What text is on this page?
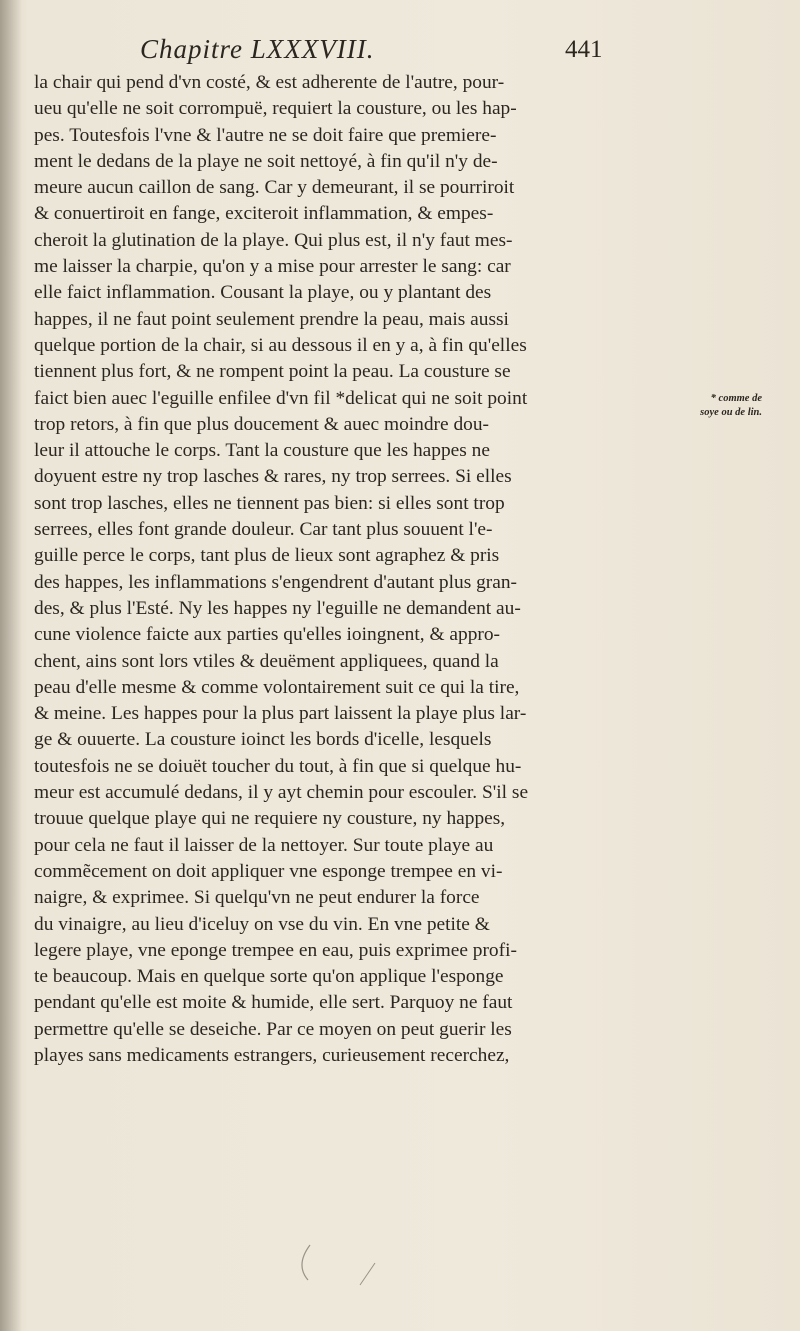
Chapitre LXXXVIII.	441
la chair qui pend d'vn costé, & est adherente de l'autre, pour-
ueu qu'elle ne soit corrompuë, requiert la cousture, ou les hap-
pes. Toutesfois l'vne & l'autre ne se doit faire que premiere-
ment le dedans de la playe ne soit nettoyé, à fin qu'il n'y de-
meure aucun caillon de sang. Car y demeurant, il se pourriroit
& conuertiroit en fange, exciteroit inflammation, & empes-
cheroit la glutination de la playe. Qui plus est, il n'y faut mes-
me laisser la charpie, qu'on y a mise pour arrester le sang: car
elle faict inflammation. Cousant la playe, ou y plantant des
happes, il ne faut point seulement prendre la peau, mais aussi
quelque portion de la chair, si au dessous il en y a, à fin qu'elles
tiennent plus fort, & ne rompent point la peau. La cousture se
faict bien auec l'eguille enfilee d'vn fil *delicat qui ne soit point
trop retors, à fin que plus doucement & auec moindre dou-
leur il attouche le corps. Tant la cousture que les happes ne
doyuent estre ny trop lasches & rares, ny trop serrees. Si elles
sont trop lasches, elles ne tiennent pas bien: si elles sont trop
serrees, elles font grande douleur. Car tant plus souuent l'e-
guille perce le corps, tant plus de lieux sont agraphez & pris
des happes, les inflammations s'engendrent d'autant plus gran-
des, & plus l'Esté. Ny les happes ny l'eguille ne demandent au-
cune violence faicte aux parties qu'elles ioingnent, & appro-
chent, ains sont lors vtiles & deuëment appliquees, quand la
peau d'elle mesme & comme volontairement suit ce qui la tire,
& meine. Les happes pour la plus part laissent la playe plus lar-
ge & ouuerte. La cousture ioinct les bords d'icelle, lesquels
toutesfois ne se doiuët toucher du tout, à fin que si quelque hu-
meur est accumulé dedans, il y ayt chemin pour escouler. S'il se
trouue quelque playe qui ne requiere ny cousture, ny happes,
pour cela ne faut il laisser de la nettoyer. Sur toute playe au
commẽcement on doit appliquer vne esponge trempee en vi-
naigre, & exprimee. Si quelqu'vn ne peut endurer la force
du vinaigre, au lieu d'iceluy on vse du vin. En vne petite &
legere playe, vne eponge trempee en eau, puis exprimee profi-
te beaucoup. Mais en quelque sorte qu'on applique l'esponge
pendant qu'elle est moite & humide, elle sert. Parquoy ne faut
permettre qu'elle se deseiche. Par ce moyen on peut guerir les
playes sans medicaments estrangers, curieusement recerchez,
* comme de
soye ou de lin.
